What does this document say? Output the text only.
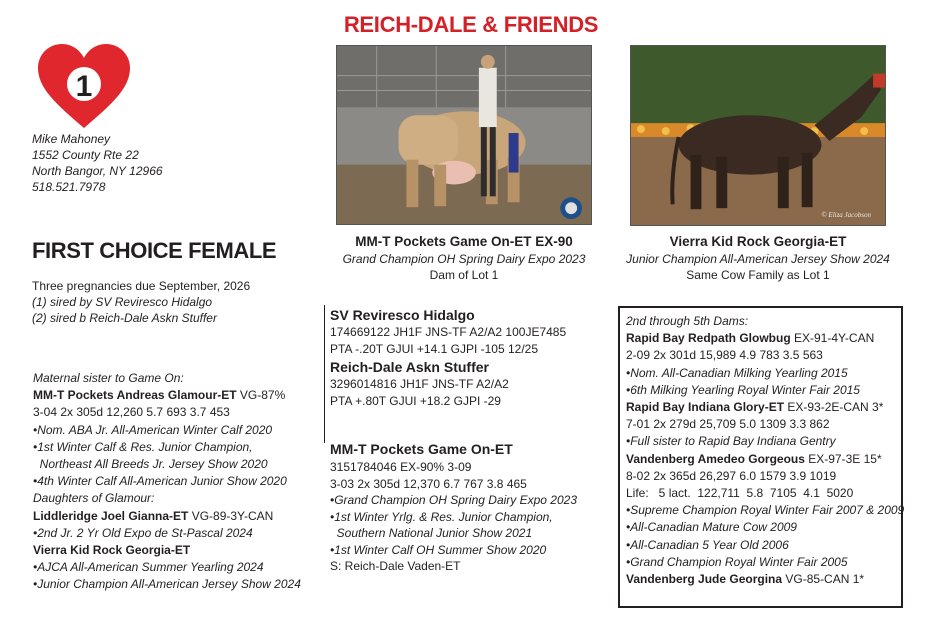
1
Mike Mahoney
1552 County Rte 22
North Bangor, NY 12966
518.521.7978
REICH-DALE & FRIENDS
MM-T Pockets Game On-ET EX-90
Grand Champion OH Spring Dairy Expo 2023
Dam of Lot 1
© Eliza Jacobson
Vierra Kid Rock Georgia-ET
Junior Champion All-American Jersey Show 2024
Same Cow Family as Lot 1
FIRST CHOICE FEMALE
Three pregnancies due September, 2026
(1) sired by SV Reviresco Hidalgo
(2) sired b Reich-Dale Askn Stuffer	SV Reviresco Hidalgo
174669122 JH1F JNS-TF A2/A2 100JE7485
PTA -.20T GJUI +14.1 GJPI -105 12/25
Reich-Dale Askn Stuffer
3296014816 JH1F JNS-TF A2/A2
PTA +.80T GJUI +18.2 GJPI -29
MM-T Pockets Game On-ET
3151784046 EX-90% 3-09
3-03 2x 305d 12,370 6.7 767 3.8 465
•Grand Champion OH Spring Dairy Expo 2023
•1st Winter Yrlg. & Res. Junior Champion,
Southern National Junior Show 2021
•1st Winter Calf OH Summer Show 2020
S: Reich-Dale Vaden-ET
Maternal sister to Game On:
MM-T Pockets Andreas Glamour-ET VG-87%
3-04 2x 305d 12,260 5.7 693 3.7 453
•Nom. ABA Jr. All-American Winter Calf 2020
•1st Winter Calf & Res. Junior Champion,
Northeast All Breeds Jr. Jersey Show 2020
•4th Winter Calf All-American Junior Show 2020
Daughters of Glamour:
Liddleridge Joel Gianna-ET VG-89-3Y-CAN
•2nd Jr. 2 Yr Old Expo de St-Pascal 2024
Vierra Kid Rock Georgia-ET
•AJCA All-American Summer Yearling 2024
•Junior Champion All-American Jersey Show 2024
2nd through 5th Dams:
Rapid Bay Redpath Glowbug EX-91-4Y-CAN
2-09 2x 301d 15,989 4.9 783 3.5 563
•Nom. All-Canadian Milking Yearling 2015
•6th Milking Yearling Royal Winter Fair 2015
Rapid Bay Indiana Glory-ET EX-93-2E-CAN 3*
7-01 2x 279d 25,709 5.0 1309 3.3 862
•Full sister to Rapid Bay Indiana Gentry
Vandenberg Amedeo Gorgeous EX-97-3E 15*
8-02 2x 365d 26,297 6.0 1579 3.9 1019
Life:   5 lact.  122,711  5.8  7105  4.1  5020
•Supreme Champion Royal Winter Fair 2007 & 2009
•All-Canadian Mature Cow 2009
•All-Canadian 5 Year Old 2006
•Grand Champion Royal Winter Fair 2005
Vandenberg Jude Georgina VG-85-CAN 1*
